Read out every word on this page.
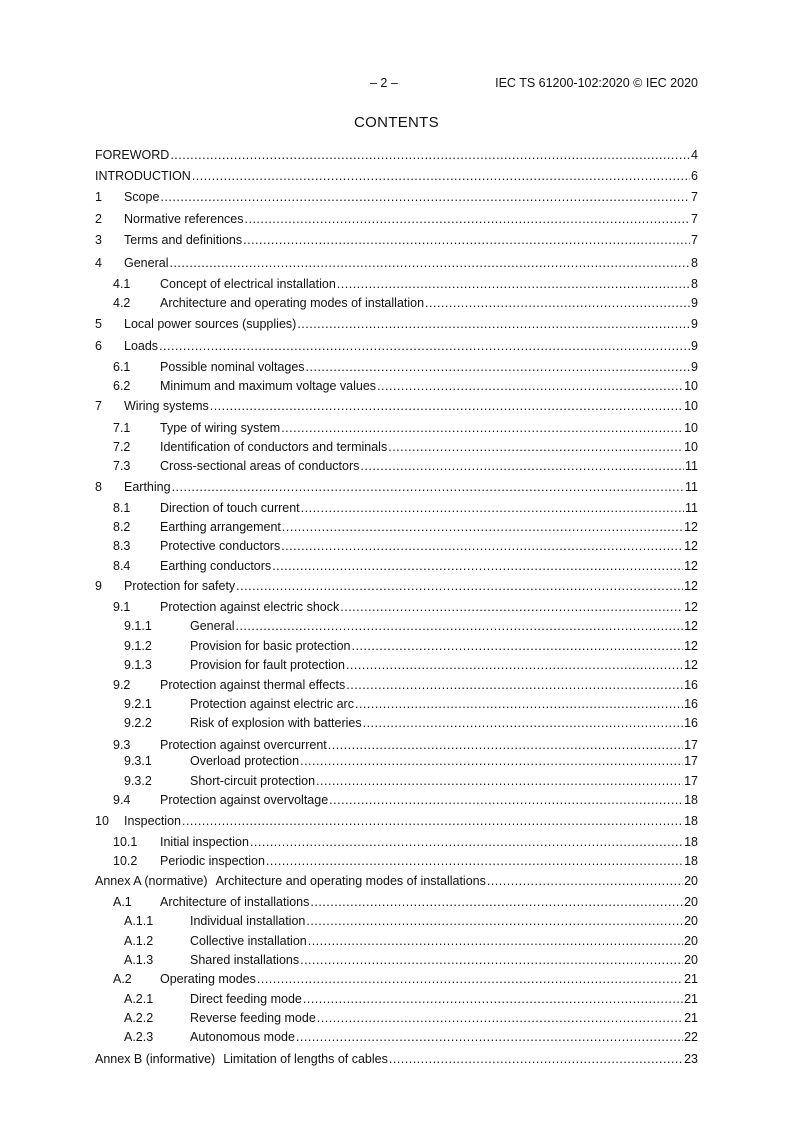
– 2 –	IEC TS 61200-102:2020 © IEC 2020
CONTENTS
FOREWORD .....	4
INTRODUCTION .....	6
1	Scope .....	7
2	Normative references .....	7
3	Terms and definitions .....	7
4	General .....	8
4.1	Concept of electrical installation .....	8
4.2	Architecture and operating modes of installation .....	9
5	Local power sources (supplies) .....	9
6	Loads .....	9
6.1	Possible nominal voltages .....	9
6.2	Minimum and maximum voltage values .....	10
7	Wiring systems .....	10
7.1	Type of wiring system .....	10
7.2	Identification of conductors and terminals .....	10
7.3	Cross-sectional areas of conductors .....	11
8	Earthing .....	11
8.1	Direction of touch current .....	11
8.2	Earthing arrangement .....	12
8.3	Protective conductors .....	12
8.4	Earthing conductors .....	12
9	Protection for safety .....	12
9.1	Protection against electric shock .....	12
9.1.1	General .....	12
9.1.2	Provision for basic protection .....	12
9.1.3	Provision for fault protection .....	12
9.2	Protection against thermal effects .....	16
9.2.1	Protection against electric arc .....	16
9.2.2	Risk of explosion with batteries .....	16
9.3	Protection against overcurrent .....	17
9.3.1	Overload protection .....	17
9.3.2	Short-circuit protection .....	17
9.4	Protection against overvoltage .....	18
10	Inspection .....	18
10.1	Initial inspection .....	18
10.2	Periodic inspection .....	18
Annex A (normative) Architecture and operating modes of installations .....	20
A.1	Architecture of installations .....	20
A.1.1	Individual installation .....	20
A.1.2	Collective installation .....	20
A.1.3	Shared installations .....	20
A.2	Operating modes .....	21
A.2.1	Direct feeding mode .....	21
A.2.2	Reverse feeding mode .....	21
A.2.3	Autonomous mode .....	22
Annex B (informative) Limitation of lengths of cables .....	23
